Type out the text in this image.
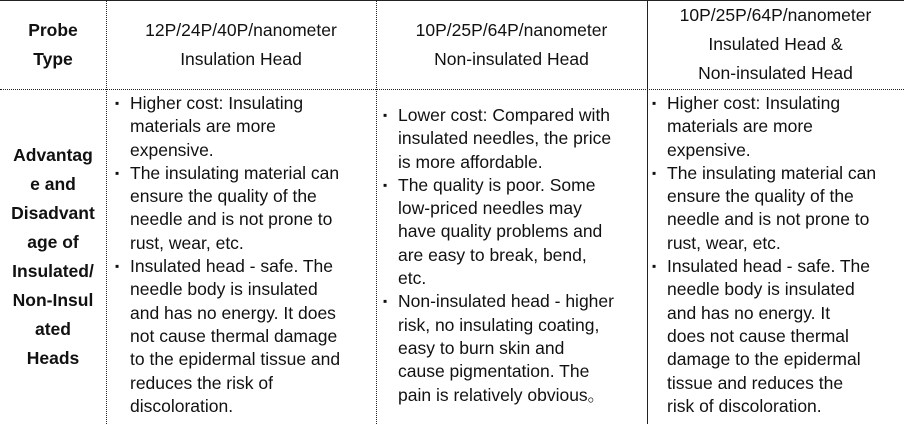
Probe
Type
12P/24P/40P/nanometer
Insulation Head
10P/25P/64P/nanometer
Non-insulated Head
10P/25P/64P/nanometer
Insulated Head &
Non-insulated Head
Advantag
e and
Disadvant
age of
Insulated/
Non-Insul
ated
Heads
▪ Higher cost: Insulating
materials are more
expensive.
▪ The insulating material can
ensure the quality of the
needle and is not prone to
rust, wear, etc.
▪ Insulated head - safe. The
needle body is insulated
and has no energy. It does
not cause thermal damage
to the epidermal tissue and
reduces the risk of
discoloration.
▪ Lower cost: Compared with
insulated needles, the price
is more affordable.
▪ The quality is poor. Some
low-priced needles may
have quality problems and
are easy to break, bend,
etc.
▪ Non-insulated head - higher
risk, no insulating coating,
easy to burn skin and
cause pigmentation. The
pain is relatively obvious。
▪ Higher cost: Insulating
materials are more
expensive.
▪ The insulating material can
ensure the quality of the
needle and is not prone to
rust, wear, etc.
▪ Insulated head - safe. The
needle body is insulated
and has no energy. It
does not cause thermal
damage to the epidermal
tissue and reduces the
risk of discoloration.
